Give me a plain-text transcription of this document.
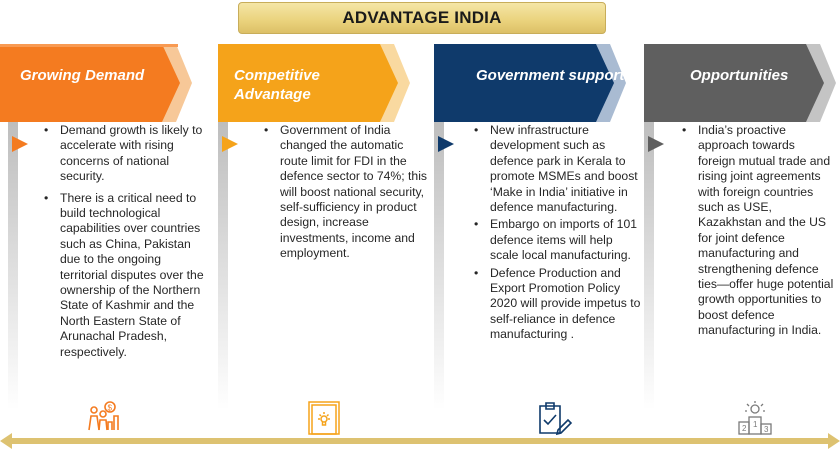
ADVANTAGE INDIA
Growing Demand	Competitive Advantage
Government support	Opportunities
• Demand growth is likely to accelerate with rising concerns of national security.
• There is a critical need to build technological capabilities over countries such as China, Pakistan due to the ongoing territorial disputes over the ownership of the Northern State of Kashmir and the North Eastern State of Arunachal Pradesh, respectively.
• Government of India changed the automatic route limit for FDI in the defence sector to 74%; this will boost national security, self-sufficiency in product design, increase investments, income and employment.
• New infrastructure development such as defence park in Kerala to promote MSMEs and boost ‘Make in India’ initiative in defence manufacturing.
• Embargo on imports of 101 defence items will help scale local manufacturing.
• Defence Production and Export Promotion Policy 2020 will provide impetus to self-reliance in defence manufacturing .
• India’s proactive approach towards foreign mutual trade and rising joint agreements with foreign countries such as USE, Kazakhstan and the US for joint defence manufacturing and strengthening defence ties—offer huge potential growth opportunities to boost defence manufacturing in India.
$
2 1
3
